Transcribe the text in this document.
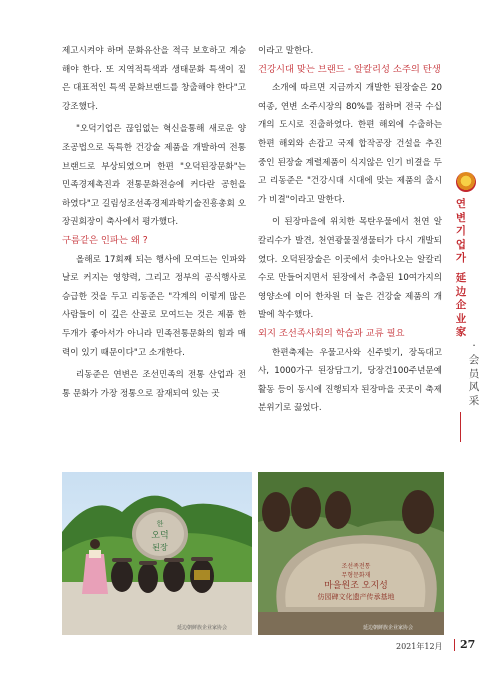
제고시켜야 하며 문화유산을 적극 보호하고 계승해야 한다. 또 지역적특색과 생태문화 특색이 짙은 대표적인 특색 문화브랜드를 창출해야 한다"고 강조했다.

"오덕기업은 끊임없는 혁신을통해 새로운 양조공법으로 독특한 건강술 제품을 개발하여 전통브랜드로 부상되였으며 한편 "오덕된장문화"는 민족경제촉진과 전통문화전승에 커다란 공헌을 하였다"고 길림성조선족경제과학기술진흥총회 오장권회장이 축사에서 평가했다.

구름같은 인파는 왜 ?

올해로 17회째 되는 행사에 모여드는 인파와 날로 커지는 영향력, 그리고 정부의 공식행사로 승급한 것을 두고 리동준은 "각계의 이렇게 많은 사람들이 이 깊은 산골로 모여드는 것은 제품 한두개가 좋아서가 아니라 민족전통문화의 힘과 매력이 있기 때문이다"고 소개한다.

리동준은 연변은 조선민족의 전통 산업과 전통 문화가 가장 정통으로 잠재되여 있는 곳

이라고 말한다.

건강시대 맞는 브랜드 - 알칼리성 소주의 탄생

소개에 따르면 지금까지 개발한 된장술은 20여종, 연변 소주시장의 80%를 점하며 전국 수십개의 도시로 진출하였다. 한편 해외에 수출하는 한편 해외와 손잡고 국제 합작공장 건설을 추진 중인 된장술 계렬제품이 식지않은 인기 비결을 두고 리동준은 "건강시대 시대에 맞는 제품의 출시가 비결"이라고 말한다.

이 된장마을에 위치한 목탄우물에서 천연 알칼리수가 발견, 천연광물질생물터가 다시 개발되였다. 오덕된장술은 이곳에서 솟아나오는 알칼리수로 만들어지면서 된장에서 추출된 10여가지의 영양소에 이어 한차원 더 높은 건강술 제품의 개발에 착수했다.

외지 조선족사회의 학습과 교류 필요

한편축제는 우물고사와 신주빚기, 장독대고사, 1000가구 된장담그기, 당장건100주년문예활동 등이 동시에 진행되자 된장마을 곳곳이 축제분위기로 끓었다.

연변기업가
延边企业家
·
会员风采
한
오덕
된장
延边朝鲜族企业家协会
조선족전통
무형문화재
마을원조 오지성
仿园碑文化遗产传承基地
延边朝鲜族企业家协会
2021年12月 27
